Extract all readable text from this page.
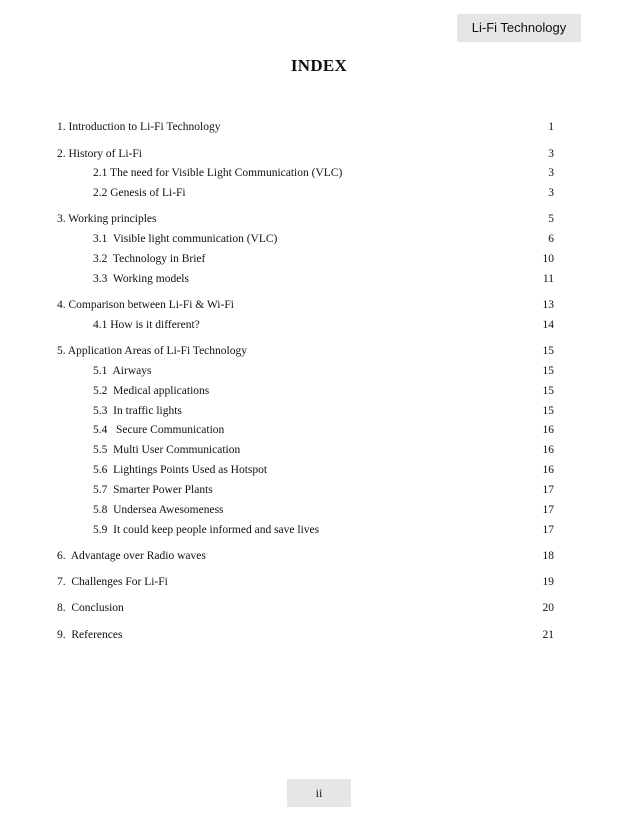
Li-Fi Technology
INDEX
1. Introduction to Li-Fi Technology	1
2. History of Li-Fi	3
2.1 The need for Visible Light Communication (VLC)	3
2.2 Genesis of Li-Fi	3
3. Working principles	5
3.1  Visible light communication (VLC)	6
3.2  Technology in Brief	10
3.3  Working models	11
4. Comparison between Li-Fi & Wi-Fi	13
4.1 How is it different?	14
5. Application Areas of Li-Fi Technology	15
5.1  Airways	15
5.2  Medical applications	15
5.3  In traffic lights	15
5.4   Secure Communication	16
5.5  Multi User Communication	16
5.6  Lightings Points Used as Hotspot	16
5.7  Smarter Power Plants	17
5.8  Undersea Awesomeness	17
5.9  It could keep people informed and save lives	17
6.  Advantage over Radio waves	18
7.  Challenges For Li-Fi	19
8.  Conclusion	20
9.  References	21
ii
